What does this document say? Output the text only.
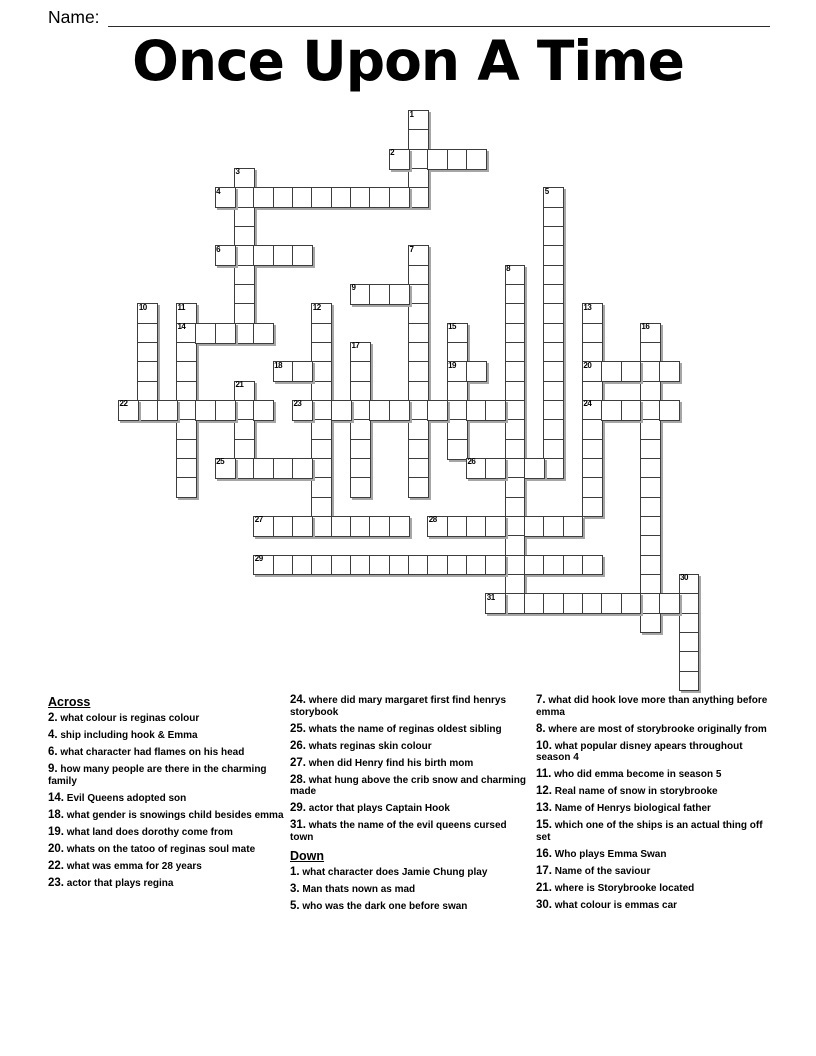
Name:
Once Upon A Time
1
2
3
4	5
6	7
8
9
10	11
14
12	13
20
24
15
19
16
17
18
21
22	23
25	26
27	28
29
30
31

Across

2. what colour is reginas colour

4. ship including hook & Emma

6. what character had flames on his head

9. how many people are there in the charming family

14. Evil Queens adopted son

18. what gender is snowings child besides emma

19. what land does dorothy come from

20. whats on the tatoo of reginas soul mate

22. what was emma for 28 years

23. actor that plays regina

24. where did mary margaret first find henrys storybook

25. whats the name of reginas oldest sibling

26. whats reginas skin colour

27. when did Henry find his birth mom

28. what hung above the crib snow and charming made

29. actor that plays Captain Hook

31. whats the name of the evil queens cursed town

Down

1. what character does Jamie Chung play

3. Man thats nown as mad

5. who was the dark one before swan

7. what did hook love more than anything before emma

8. where are most of storybrooke originally from

10. what popular disney apears throughout season 4

11. who did emma become in season 5

12. Real name of snow in storybrooke

13. Name of Henrys biological father

15. which one of the ships is an actual thing off set

16. Who plays Emma Swan

17. Name of the saviour

21. where is Storybrooke located

30. what colour is emmas car
